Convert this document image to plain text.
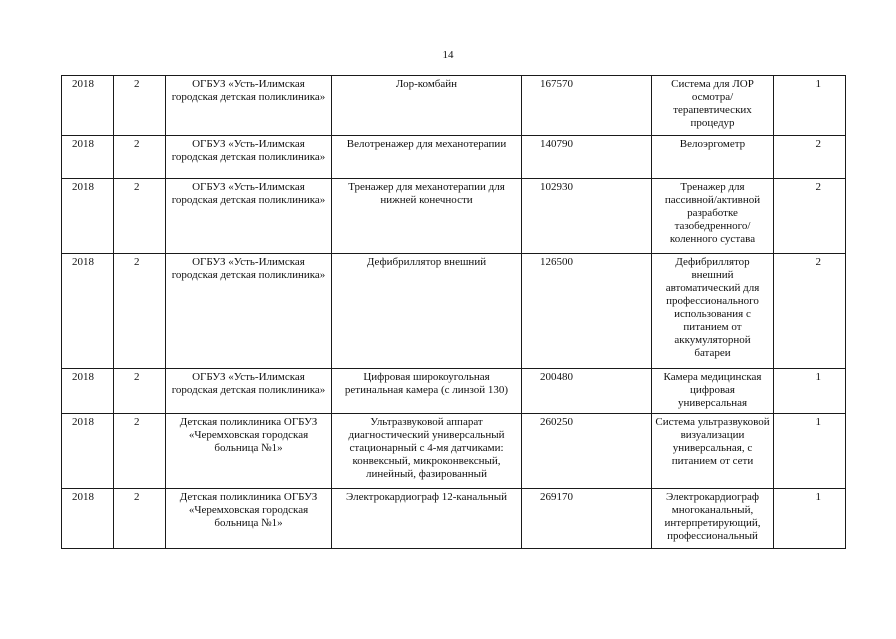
14
2018	2	ОГБУЗ «Усть-Илимская городская детская поликлиника»	Лор-комбайн	167570	Система для ЛОР осмотра/ терапевтических процедур	1
2018	2	ОГБУЗ «Усть-Илимская городская детская поликлиника»	Велотренажер для механотерапии	140790	Велоэргометр	2
2018	2	ОГБУЗ «Усть-Илимская городская детская поликлиника»	Тренажер для механотерапии для нижней конечности	102930	Тренажер для пассивной/активной разработке тазобедренного/ коленного сустава	2
2018	2	ОГБУЗ «Усть-Илимская городская детская поликлиника»	Дефибриллятор внешний	126500	Дефибриллятор внешний автоматический для профессионального использования с питанием от аккумуляторной батареи	2
2018	2	ОГБУЗ «Усть-Илимская городская детская поликлиника»	Цифровая широкоугольная ретинальная камера (с линзой 130)	200480	Камера медицинская цифровая универсальная	1
2018	2	Детская поликлиника ОГБУЗ «Черемховская городская больница №1»	Ультразвуковой аппарат диагностический универсальный стационарный с 4-мя датчиками: конвексный, микроконвексный, линейный, фазированный	260250	Система ультразвуковой визуализации универсальная, с питанием от сети	1
2018	2	Детская поликлиника ОГБУЗ «Черемховская городская больница №1»	Электрокардиограф 12-канальный	269170	Электрокардиограф многоканальный, интерпретирующий, профессиональный	1
